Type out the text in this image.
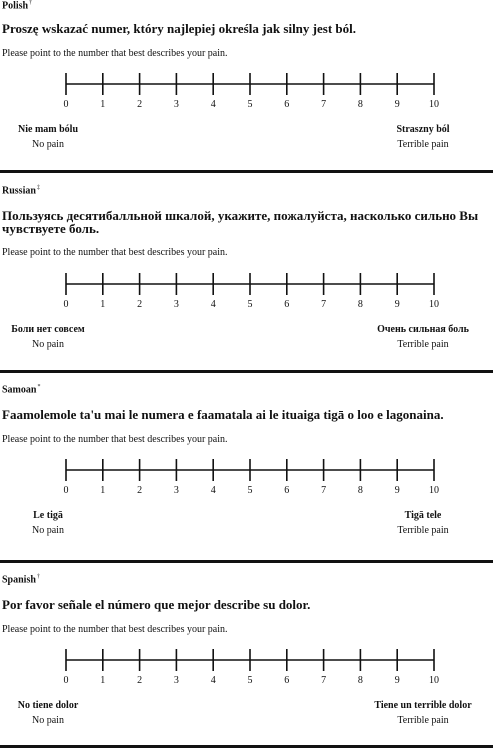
Polish†
Proszę wskazać numer, który najlepiej określa jak silny jest ból.
Please point to the number that best describes your pain.
0	1	2	3	4	5	6	7	8	9	10
Nie mam bólu
No pain
Straszny ból
Terrible pain
Russian‡
Пользуясь десятибалльной шкалой, укажите, пожалуйста, насколько сильно Вы чувствуете боль.
Please point to the number that best describes your pain.
0	1	2	3	4	5	6	7	8	9	10
Боли нет совсем
No pain
Очень сильная боль
Terrible pain
Samoan*
Faamolemole ta'u mai le numera e faamatala ai le ituaiga tigā o loo e lagonaina.
Please point to the number that best describes your pain.
0	1	2	3	4	5	6	7	8	9	10
Le tigā
No pain
Tigā tele
Terrible pain
Spanish†
Por favor señale el número que mejor describe su dolor.
Please point to the number that best describes your pain.
0	1	2	3	4	5	6	7	8	9	10
No tiene dolor
No pain
Tiene un terrible dolor
Terrible pain
